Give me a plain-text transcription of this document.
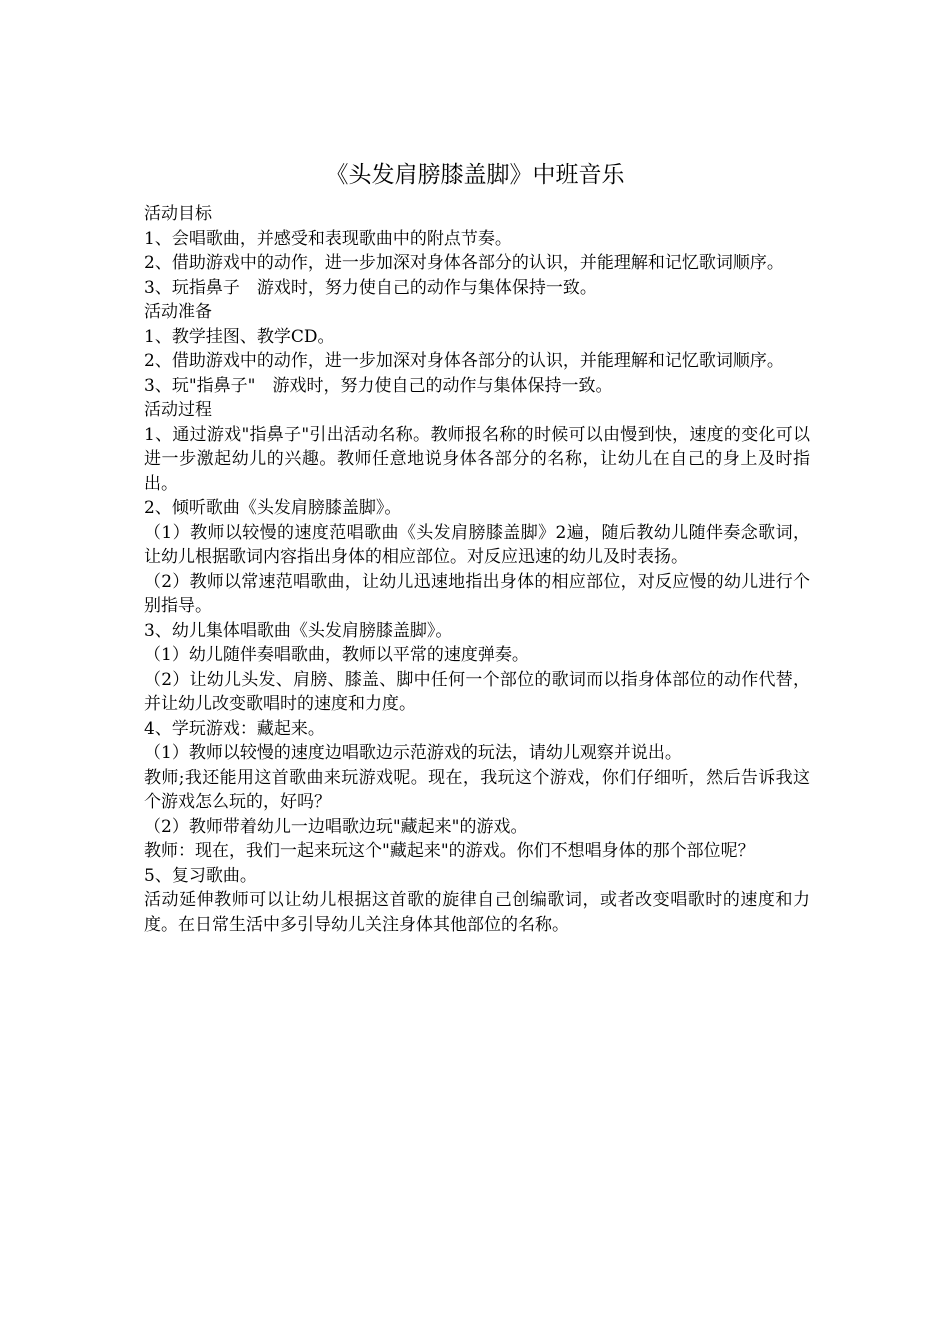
《头发肩膀膝盖脚》中班音乐

活动目标

1、会唱歌曲，并感受和表现歌曲中的附点节奏。

2、借助游戏中的动作，进一步加深对身体各部分的认识，并能理解和记忆歌词顺序。

3、玩指鼻子　游戏时，努力使自己的动作与集体保持一致。

活动准备

1、教学挂图、教学CD。

2、借助游戏中的动作，进一步加深对身体各部分的认识，并能理解和记忆歌词顺序。

3、玩"指鼻子"　游戏时，努力使自己的动作与集体保持一致。

活动过程

1、通过游戏"指鼻子"引出活动名称。教师报名称的时候可以由慢到快，速度的变化可以进一步激起幼儿的兴趣。教师任意地说身体各部分的名称，让幼儿在自己的身上及时指出。

2、倾听歌曲《头发肩膀膝盖脚》。

（1）教师以较慢的速度范唱歌曲《头发肩膀膝盖脚》2遍，随后教幼儿随伴奏念歌词，让幼儿根据歌词内容指出身体的相应部位。对反应迅速的幼儿及时表扬。

（2）教师以常速范唱歌曲，让幼儿迅速地指出身体的相应部位，对反应慢的幼儿进行个别指导。

3、幼儿集体唱歌曲《头发肩膀膝盖脚》。

（1）幼儿随伴奏唱歌曲，教师以平常的速度弹奏。

（2）让幼儿头发、肩膀、膝盖、脚中任何一个部位的歌词而以指身体部位的动作代替，并让幼儿改变歌唱时的速度和力度。

4、学玩游戏：藏起来。

（1）教师以较慢的速度边唱歌边示范游戏的玩法，请幼儿观察并说出。

教师;我还能用这首歌曲来玩游戏呢。现在，我玩这个游戏，你们仔细听，然后告诉我这个游戏怎么玩的，好吗？

（2）教师带着幼儿一边唱歌边玩"藏起来"的游戏。

教师：现在，我们一起来玩这个"藏起来"的游戏。你们不想唱身体的那个部位呢？

5、复习歌曲。

活动延伸教师可以让幼儿根据这首歌的旋律自己创编歌词，或者改变唱歌时的速度和力度。在日常生活中多引导幼儿关注身体其他部位的名称。
